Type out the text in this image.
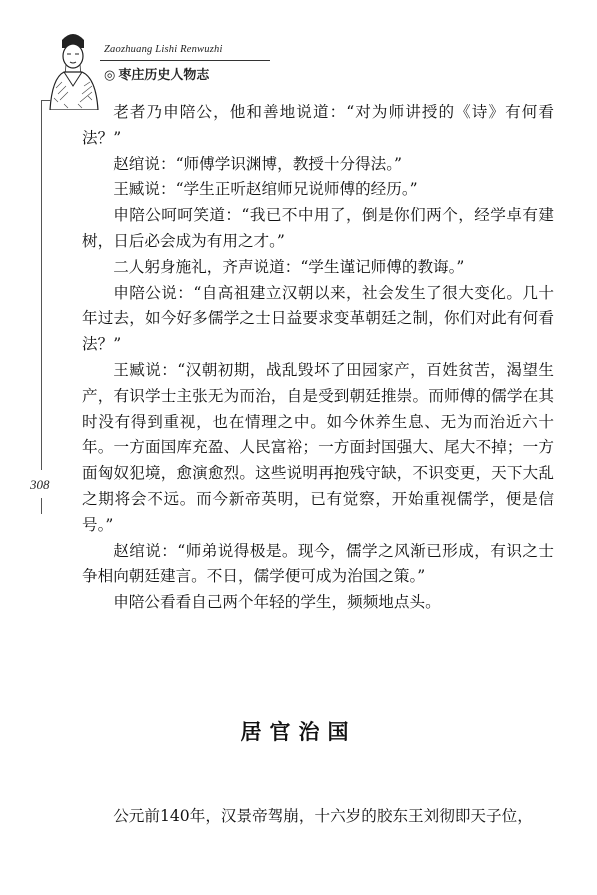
Zaozhuang Lishi Renwuzhi
◎ 枣庄历史人物志
308

老者乃申陪公，他和善地说道：“对为师讲授的《诗》有何看法？”

赵绾说：“师傅学识渊博，教授十分得法。”

王臧说：“学生正听赵绾师兄说师傅的经历。”

申陪公呵呵笑道：“我已不中用了，倒是你们两个，经学卓有建树，日后必会成为有用之才。”

二人躬身施礼，齐声说道：“学生谨记师傅的教诲。”

申陪公说：“自高祖建立汉朝以来，社会发生了很大变化。几十年过去，如今好多儒学之士日益要求变革朝廷之制，你们对此有何看法？”

王臧说：“汉朝初期，战乱毁坏了田园家产，百姓贫苦，渴望生产，有识学士主张无为而治，自是受到朝廷推崇。而师傅的儒学在其时没有得到重视，也在情理之中。如今休养生息、无为而治近六十年。一方面国库充盈、人民富裕；一方面封国强大、尾大不掉；一方面匈奴犯境，愈演愈烈。这些说明再抱残守缺，不识变更，天下大乱之期将会不远。而今新帝英明，已有觉察，开始重视儒学，便是信号。”

赵绾说：“师弟说得极是。现今，儒学之风渐已形成，有识之士争相向朝廷建言。不日，儒学便可成为治国之策。”

申陪公看看自己两个年轻的学生，频频地点头。

居官治国

公元前140年，汉景帝驾崩，十六岁的胶东王刘彻即天子位，
